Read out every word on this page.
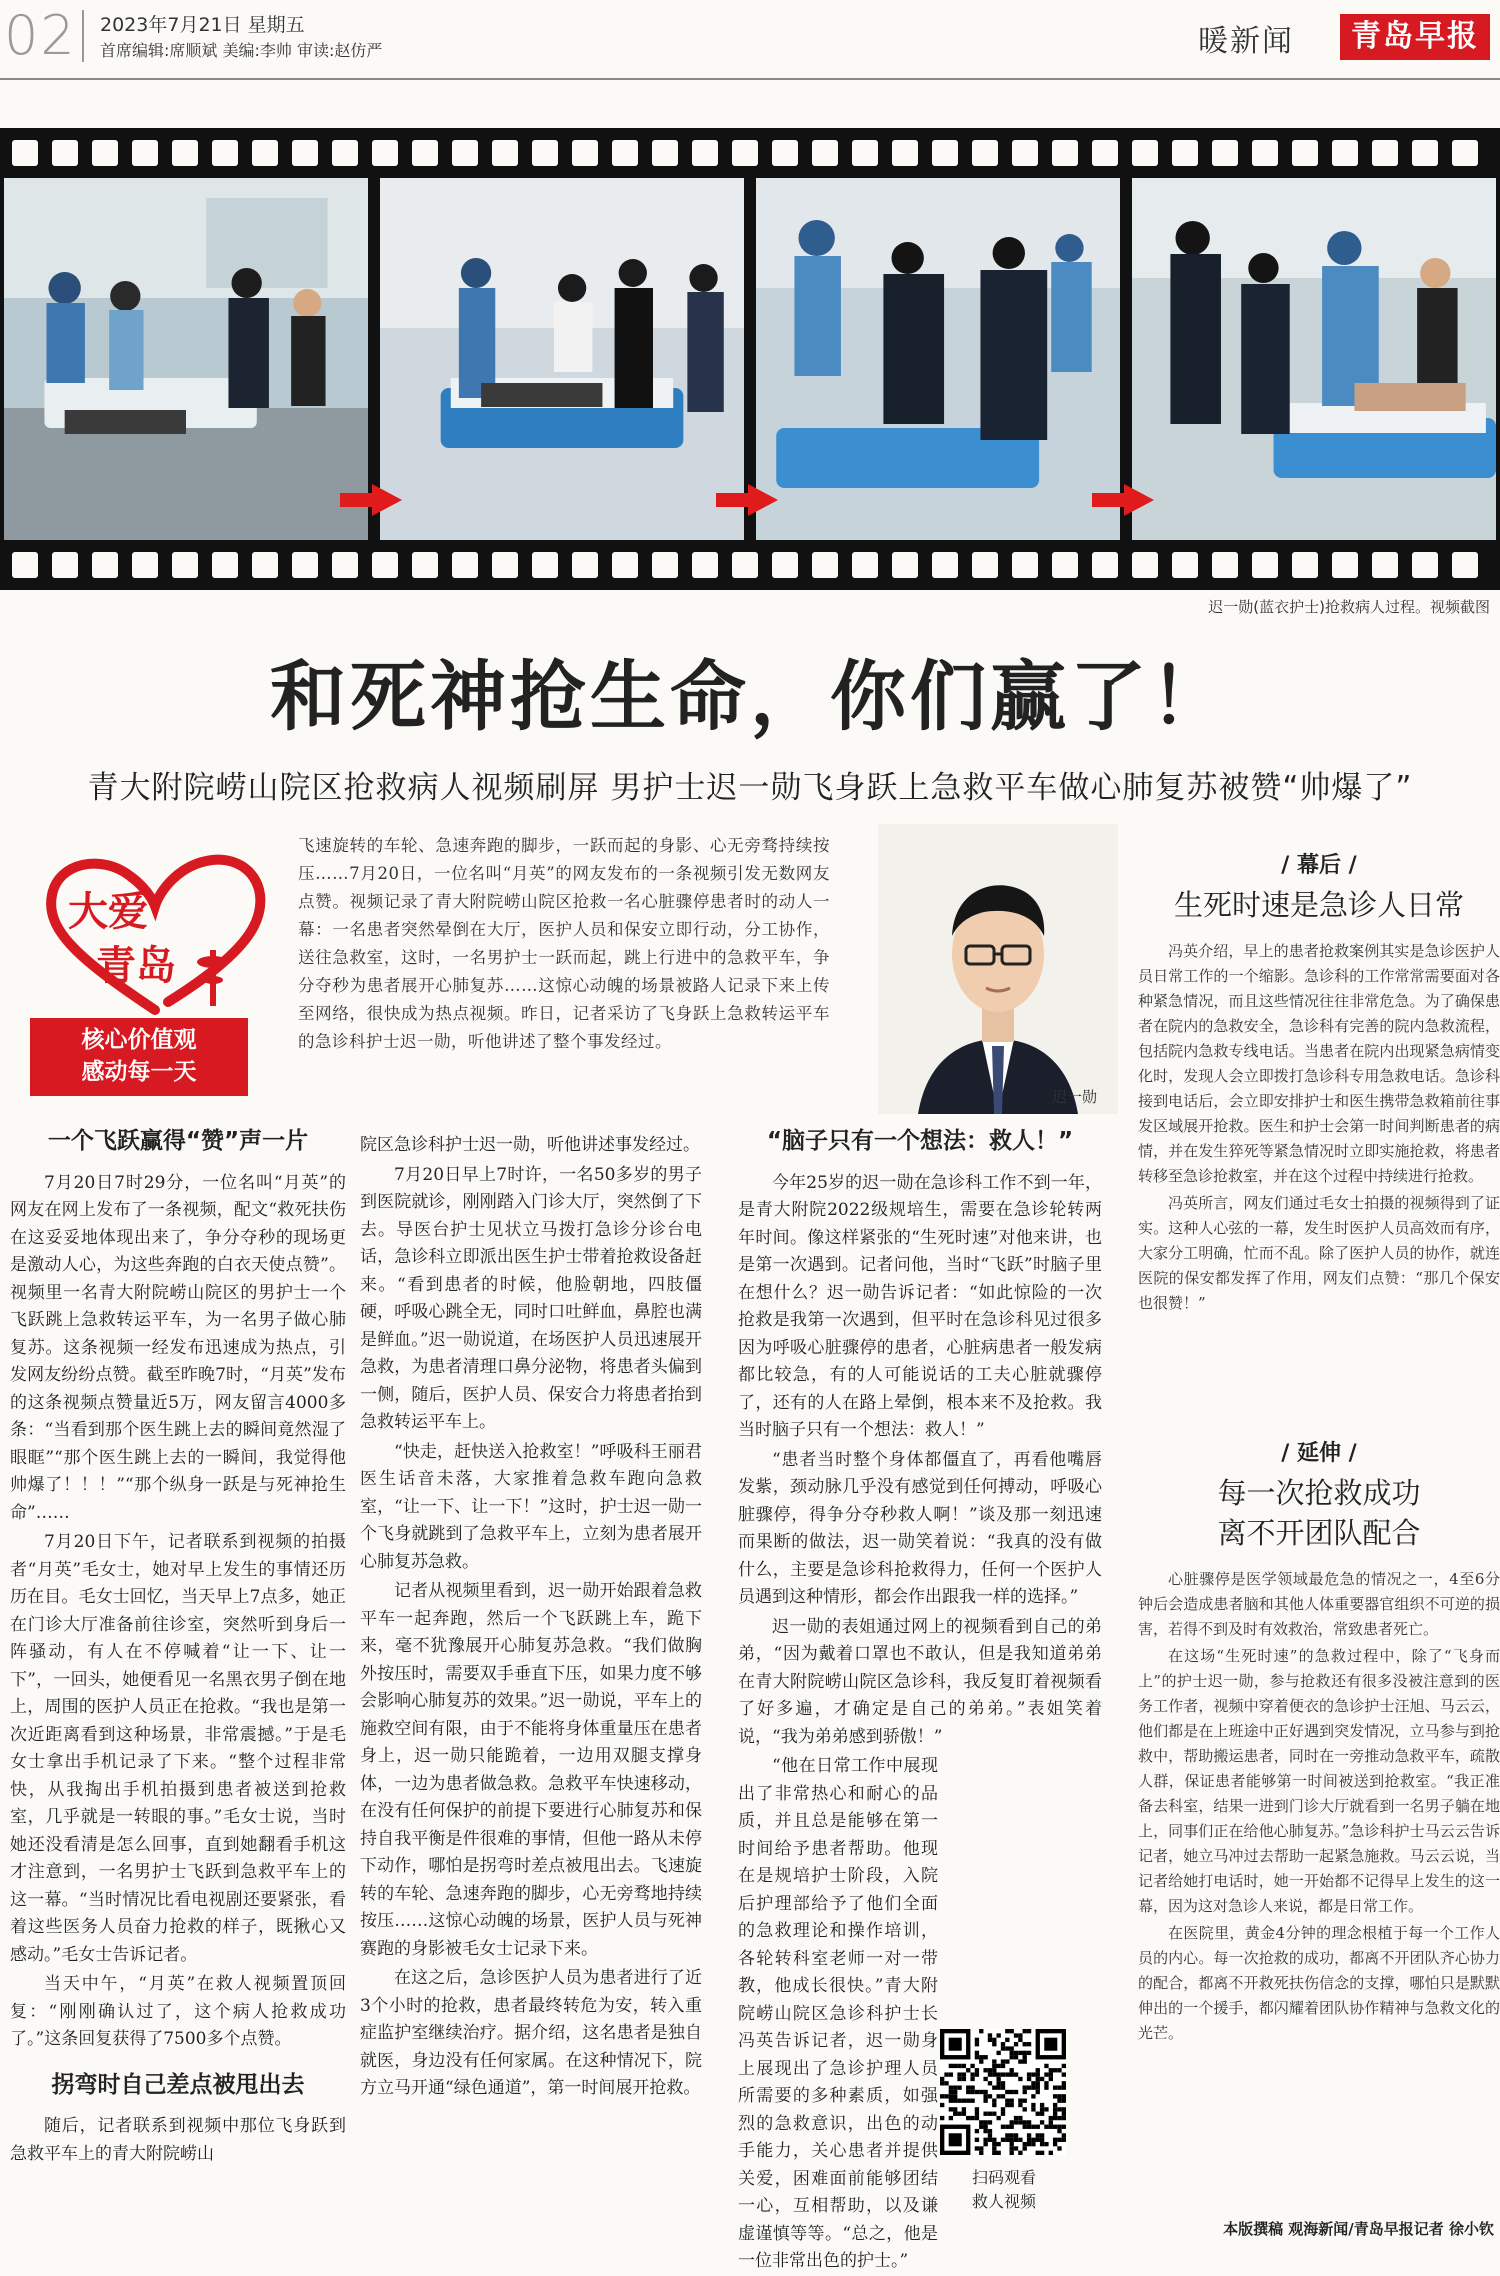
02 2023年7月21日 星期五
首席编辑:席顺斌 美编:李帅 审读:赵仿严	暖新闻	青岛早报
迟一勋(蓝衣护士)抢救病人过程。视频截图
和死神抢生命，你们赢了！
青大附院崂山院区抢救病人视频刷屏 男护士迟一勋飞身跃上急救平车做心肺复苏被赞“帅爆了”
大爱
青岛
核心价值观
感动每一天
飞速旋转的车轮、急速奔跑的脚步，一跃而起的身影、心无旁骛持续按压……7月20日，一位名叫“月英”的网友发布的一条视频引发无数网友点赞。视频记录了青大附院崂山院区抢救一名心脏骤停患者时的动人一幕：一名患者突然晕倒在大厅，医护人员和保安立即行动，分工协作，送往急救室，这时，一名男护士一跃而起，跳上行进中的急救平车，争分夺秒为患者展开心肺复苏……这惊心动魄的场景被路人记录下来上传至网络，很快成为热点视频。昨日，记者采访了飞身跃上急救转运平车的急诊科护士迟一勋，听他讲述了整个事发经过。
迟一勋
/ 幕后 /
生死时速是急诊人日常
冯英介绍，早上的患者抢救案例其实是急诊医护人员日常工作的一个缩影。急诊科的工作常常需要面对各种紧急情况，而且这些情况往往非常危急。为了确保患者在院内的急救安全，急诊科有完善的院内急救流程，包括院内急救专线电话。当患者在院内出现紧急病情变化时，发现人会立即拨打急诊科专用急救电话。急诊科接到电话后，会立即安排护士和医生携带急救箱前往事发区域展开抢救。医生和护士会第一时间判断患者的病情，并在发生猝死等紧急情况时立即实施抢救，将患者转移至急诊抢救室，并在这个过程中持续进行抢救。
冯英所言，网友们通过毛女士拍摄的视频得到了证实。这种人心弦的一幕，发生时医护人员高效而有序，大家分工明确，忙而不乱。除了医护人员的协作，就连医院的保安都发挥了作用，网友们点赞：“那几个保安也很赞！”
/ 延伸 /
每一次抢救成功
离不开团队配合
心脏骤停是医学领域最危急的情况之一，4至6分钟后会造成患者脑和其他人体重要器官组织不可逆的损害，若得不到及时有效救治，常致患者死亡。
在这场“生死时速”的急救过程中，除了“飞身而上”的护士迟一勋，参与抢救还有很多没被注意到的医务工作者，视频中穿着便衣的急诊护士汪旭、马云云，他们都是在上班途中正好遇到突发情况，立马参与到抢救中，帮助搬运患者，同时在一旁推动急救平车，疏散人群，保证患者能够第一时间被送到抢救室。“我正准备去科室，结果一进到门诊大厅就看到一名男子躺在地上，同事们正在给他心肺复苏。”急诊科护士马云云告诉记者，她立马冲过去帮助一起紧急施救。马云云说，当记者给她打电话时，她一开始都不记得早上发生的这一幕，因为这对急诊人来说，都是日常工作。
在医院里，黄金4分钟的理念根植于每一个工作人员的内心。每一次抢救的成功，都离不开团队齐心协力的配合，都离不开救死扶伤信念的支撑，哪怕只是默默伸出的一个援手，都闪耀着团队协作精神与急救文化的光芒。
一个飞跃赢得“赞”声一片

7月20日7时29分，一位名叫“月英”的网友在网上发布了一条视频，配文“救死扶伤在这妥妥地体现出来了，争分夺秒的现场更是激动人心，为这些奔跑的白衣天使点赞”。视频里一名青大附院崂山院区的男护士一个飞跃跳上急救转运平车，为一名男子做心肺复苏。这条视频一经发布迅速成为热点，引发网友纷纷点赞。截至昨晚7时，“月英”发布的这条视频点赞量近5万，网友留言4000多条：“当看到那个医生跳上去的瞬间竟然湿了眼眶”“那个医生跳上去的一瞬间，我觉得他帅爆了！！！”“那个纵身一跃是与死神抢生命”……

7月20日下午，记者联系到视频的拍摄者“月英”毛女士，她对早上发生的事情还历历在目。毛女士回忆，当天早上7点多，她正在门诊大厅准备前往诊室，突然听到身后一阵骚动，有人在不停喊着“让一下、让一下”，一回头，她便看见一名黑衣男子倒在地上，周围的医护人员正在抢救。“我也是第一次近距离看到这种场景，非常震撼。”于是毛女士拿出手机记录了下来。“整个过程非常快，从我掏出手机拍摄到患者被送到抢救室，几乎就是一转眼的事。”毛女士说，当时她还没看清是怎么回事，直到她翻看手机这才注意到，一名男护士飞跃到急救平车上的这一幕。“当时情况比看电视剧还要紧张，看着这些医务人员奋力抢救的样子，既揪心又感动。”毛女士告诉记者。

当天中午，“月英”在救人视频置顶回复：“刚刚确认过了，这个病人抢救成功了。”这条回复获得了7500多个点赞。

拐弯时自己差点被甩出去

随后，记者联系到视频中那位飞身跃到急救平车上的青大附院崂山

院区急诊科护士迟一勋，听他讲述事发经过。

7月20日早上7时许，一名50多岁的男子到医院就诊，刚刚踏入门诊大厅，突然倒了下去。导医台护士见状立马拨打急诊分诊台电话，急诊科立即派出医生护士带着抢救设备赶来。“看到患者的时候，他脸朝地，四肢僵硬，呼吸心跳全无，同时口吐鲜血，鼻腔也满是鲜血。”迟一勋说道，在场医护人员迅速展开急救，为患者清理口鼻分泌物，将患者头偏到一侧，随后，医护人员、保安合力将患者抬到急救转运平车上。

“快走，赶快送入抢救室！”呼吸科王丽君医生话音未落，大家推着急救车跑向急救室，“让一下、让一下！”这时，护士迟一勋一个飞身就跳到了急救平车上，立刻为患者展开心肺复苏急救。

记者从视频里看到，迟一勋开始跟着急救平车一起奔跑，然后一个飞跃跳上车，跪下来，毫不犹豫展开心肺复苏急救。“我们做胸外按压时，需要双手垂直下压，如果力度不够会影响心肺复苏的效果。”迟一勋说，平车上的施救空间有限，由于不能将身体重量压在患者身上，迟一勋只能跪着，一边用双腿支撑身体，一边为患者做急救。急救平车快速移动，在没有任何保护的前提下要进行心肺复苏和保持自我平衡是件很难的事情，但他一路从未停下动作，哪怕是拐弯时差点被甩出去。飞速旋转的车轮、急速奔跑的脚步，心无旁骛地持续按压……这惊心动魄的场景，医护人员与死神赛跑的身影被毛女士记录下来。

在这之后，急诊医护人员为患者进行了近3个小时的抢救，患者最终转危为安，转入重症监护室继续治疗。据介绍，这名患者是独自就医，身边没有任何家属。在这种情况下，院方立马开通“绿色通道”，第一时间展开抢救。

“脑子只有一个想法：救人！”

今年25岁的迟一勋在急诊科工作不到一年，是青大附院2022级规培生，需要在急诊轮转两年时间。像这样紧张的“生死时速”对他来讲，也是第一次遇到。记者问他，当时“飞跃”时脑子里在想什么？迟一勋告诉记者：“如此惊险的一次抢救是我第一次遇到，但平时在急诊科见过很多因为呼吸心脏骤停的患者，心脏病患者一般发病都比较急，有的人可能说话的工夫心脏就骤停了，还有的人在路上晕倒，根本来不及抢救。我当时脑子只有一个想法：救人！”

“患者当时整个身体都僵直了，再看他嘴唇发紫，颈动脉几乎没有感觉到任何搏动，呼吸心脏骤停，得争分夺秒救人啊！”谈及那一刻迅速而果断的做法，迟一勋笑着说：“我真的没有做什么，主要是急诊科抢救得力，任何一个医护人员遇到这种情形，都会作出跟我一样的选择。”

迟一勋的表姐通过网上的视频看到自己的弟弟，“因为戴着口罩也不敢认，但是我知道弟弟在青大附院崂山院区急诊科，我反复盯着视频看了好多遍，才确定是自己的弟弟。”表姐笑着说，“我为弟弟感到骄傲！”

“他在日常工作中展现出了非常热心和耐心的品质，并且总是能够在第一时间给予患者帮助。他现在是规培护士阶段，入院后护理部给予了他们全面的急救理论和操作培训，各轮转科室老师一对一带教，他成长很快。”青大附院崂山院区急诊科护士长冯英告诉记者，迟一勋身上展现出了急诊护理人员所需要的多种素质，如强烈的急救意识，出色的动手能力，关心患者并提供关爱，困难面前能够团结一心，互相帮助，以及谦虚谨慎等等。“总之，他是一位非常出色的护士。”

扫码观看
救人视频
本版撰稿 观海新闻/青岛早报记者 徐小钦
